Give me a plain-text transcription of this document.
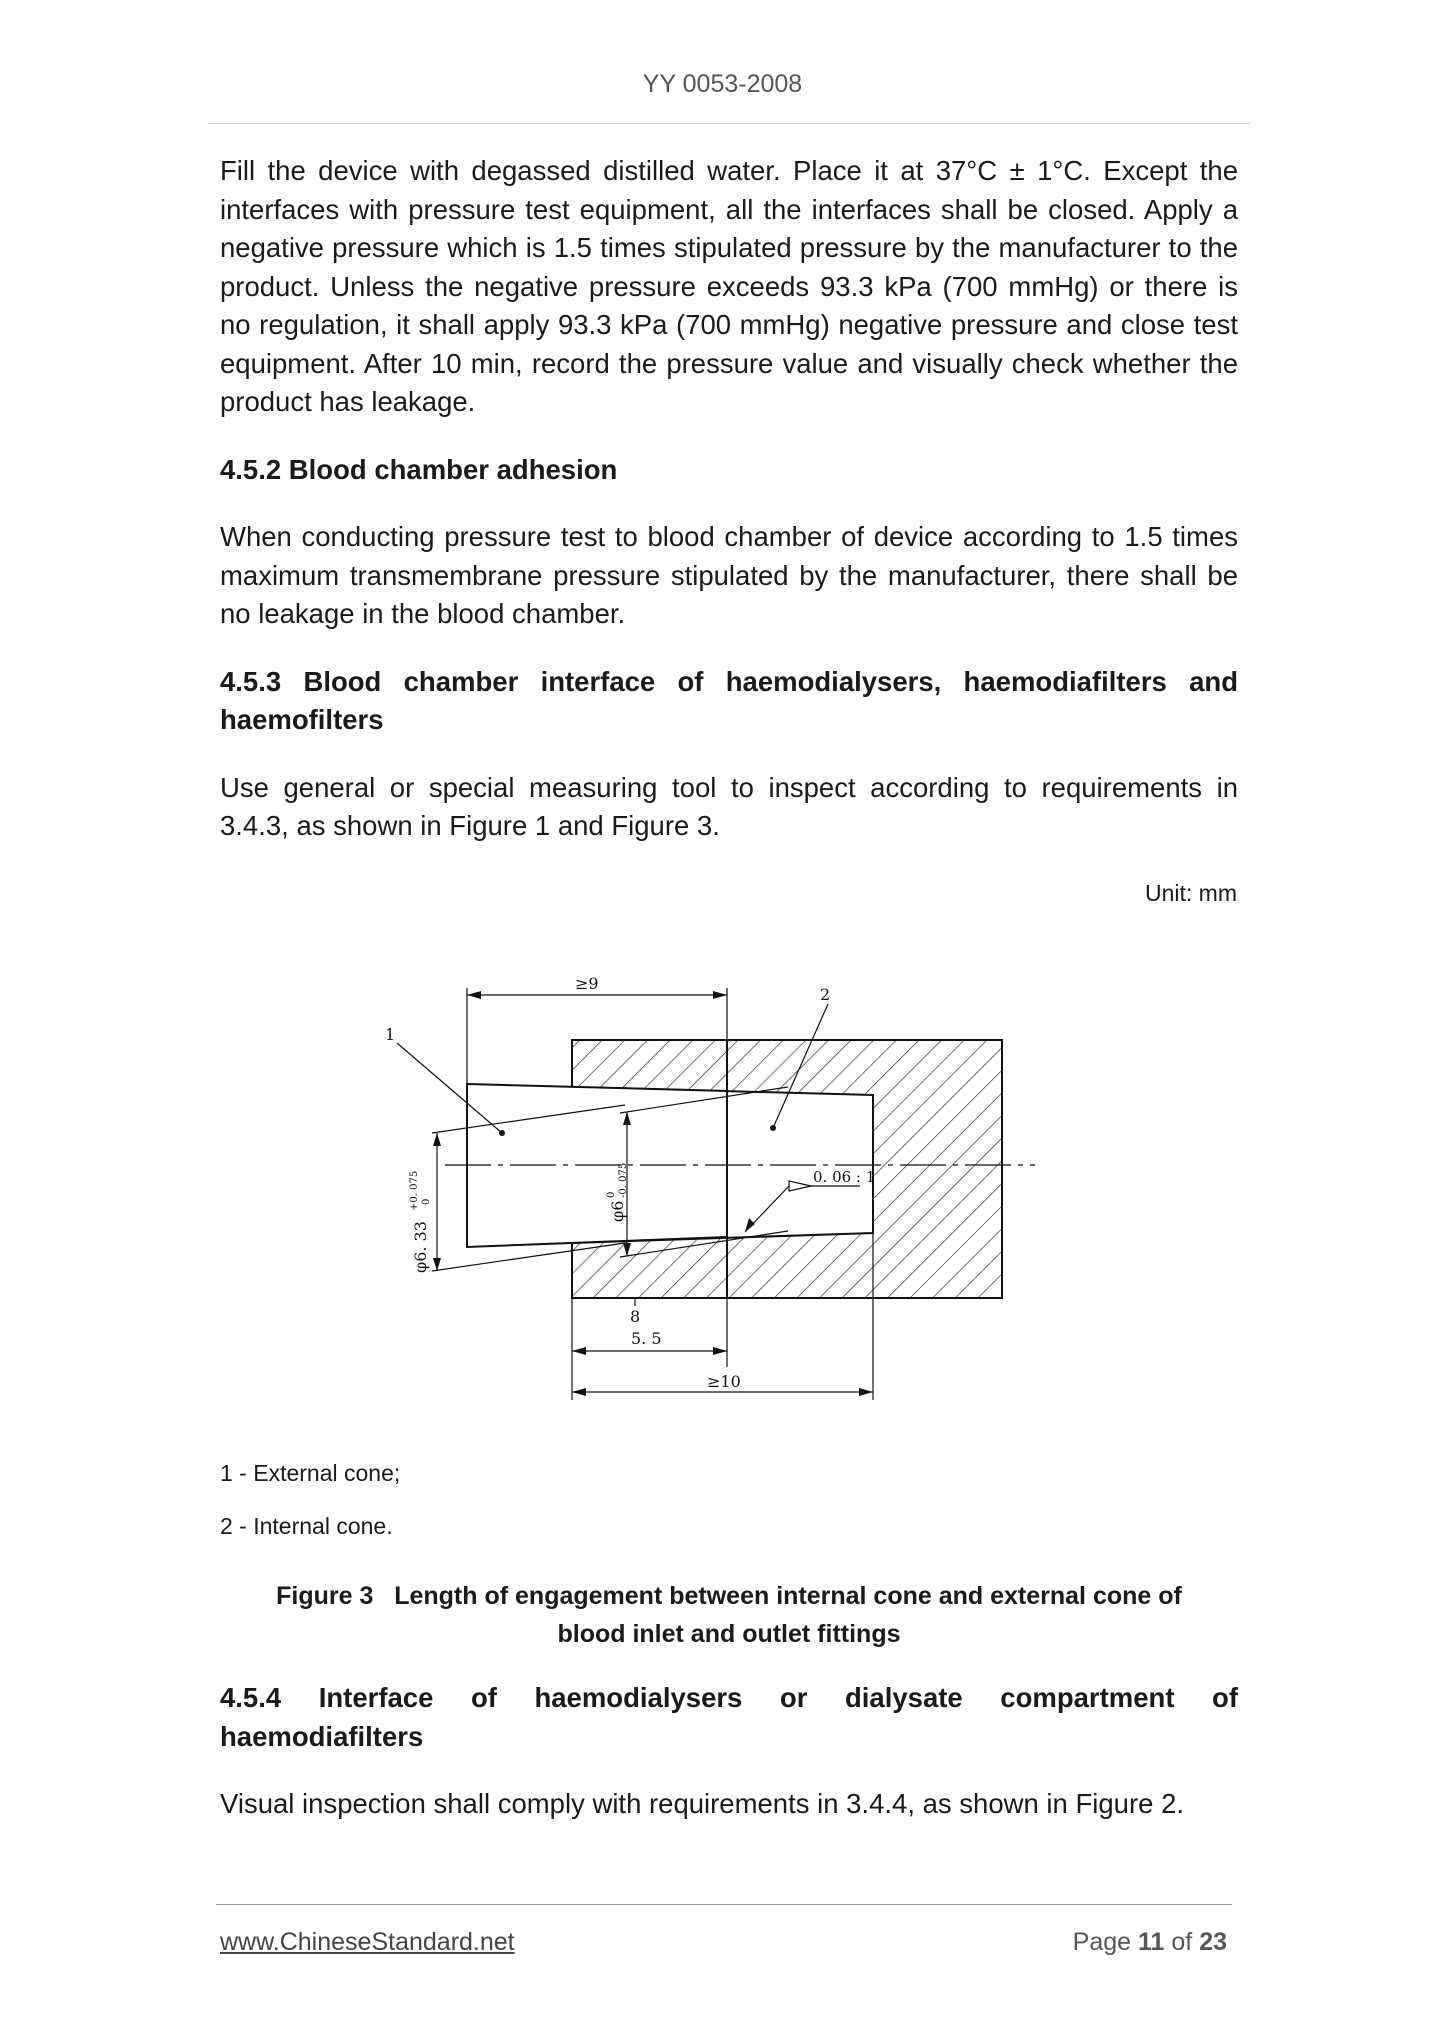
YY 0053-2008

Fill the device with degassed distilled water. Place it at 37°C ± 1°C. Except the interfaces with pressure test equipment, all the interfaces shall be closed. Apply a negative pressure which is 1.5 times stipulated pressure by the manufacturer to the product. Unless the negative pressure exceeds 93.3 kPa (700 mmHg) or there is no regulation, it shall apply 93.3 kPa (700 mmHg) negative pressure and close test equipment. After 10 min, record the pressure value and visually check whether the product has leakage.

4.5.2 Blood chamber adhesion

When conducting pressure test to blood chamber of device according to 1.5 times maximum transmembrane pressure stipulated by the manufacturer, there shall be no leakage in the blood chamber.

4.5.3 Blood chamber interface of haemodialysers, haemodiafilters and haemofilters

Use general or special measuring tool to inspect according to requirements in 3.4.3, as shown in Figure 1 and Figure 3.

Unit: mm
≥9
1
2
φ6. 33
+0. 075 0	φ6
0 -0. 075	0. 06 : 1
8
5. 5
≥10
1 - External cone;
2 - Internal cone.
Figure 3   Length of engagement between internal cone and external cone of
blood inlet and outlet fittings

4.5.4 Interface of haemodialysers or dialysate compartment of haemodiafilters

Visual inspection shall comply with requirements in 3.4.4, as shown in Figure 2.

www.ChineseStandard.net	Page 11 of 23
